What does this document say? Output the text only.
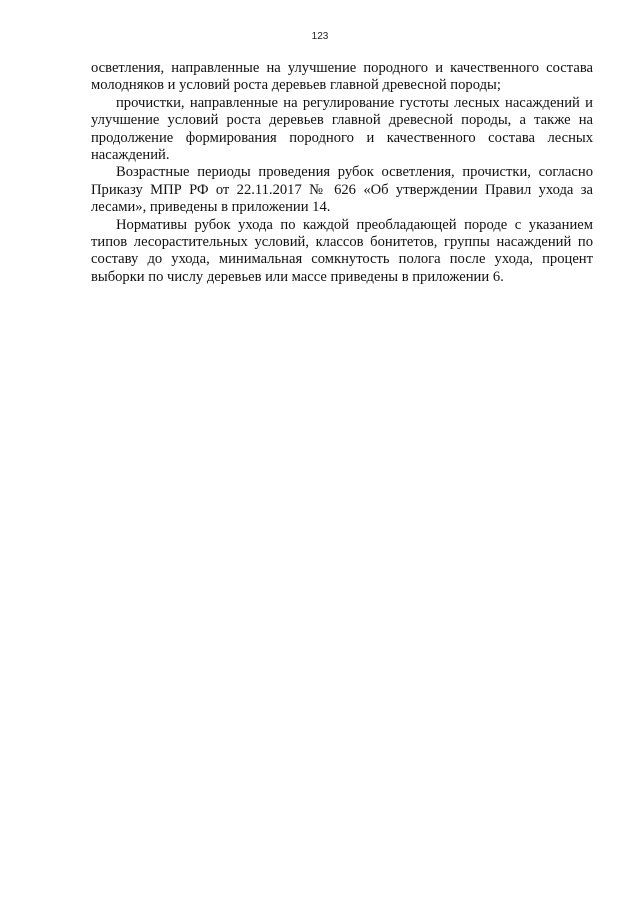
123

осветления, направленные на улучшение породного и качественного состава молодняков и условий роста деревьев главной древесной породы;

прочистки, направленные на регулирование густоты лесных насаждений и улучшение условий роста деревьев главной древесной породы, а также на продолжение формирования породного и качественного состава лесных насаждений.

Возрастные периоды проведения рубок осветления, прочистки, согласно Приказу МПР РФ от 22.11.2017 № 626 «Об утверждении Правил ухода за лесами», приведены в приложении 14.

Нормативы рубок ухода по каждой преобладающей породе с указанием типов лесорастительных условий, классов бонитетов, группы насаждений по составу до ухода, минимальная сомкнутость полога после ухода, процент выборки по числу деревьев или массе приведены в приложении 6.
